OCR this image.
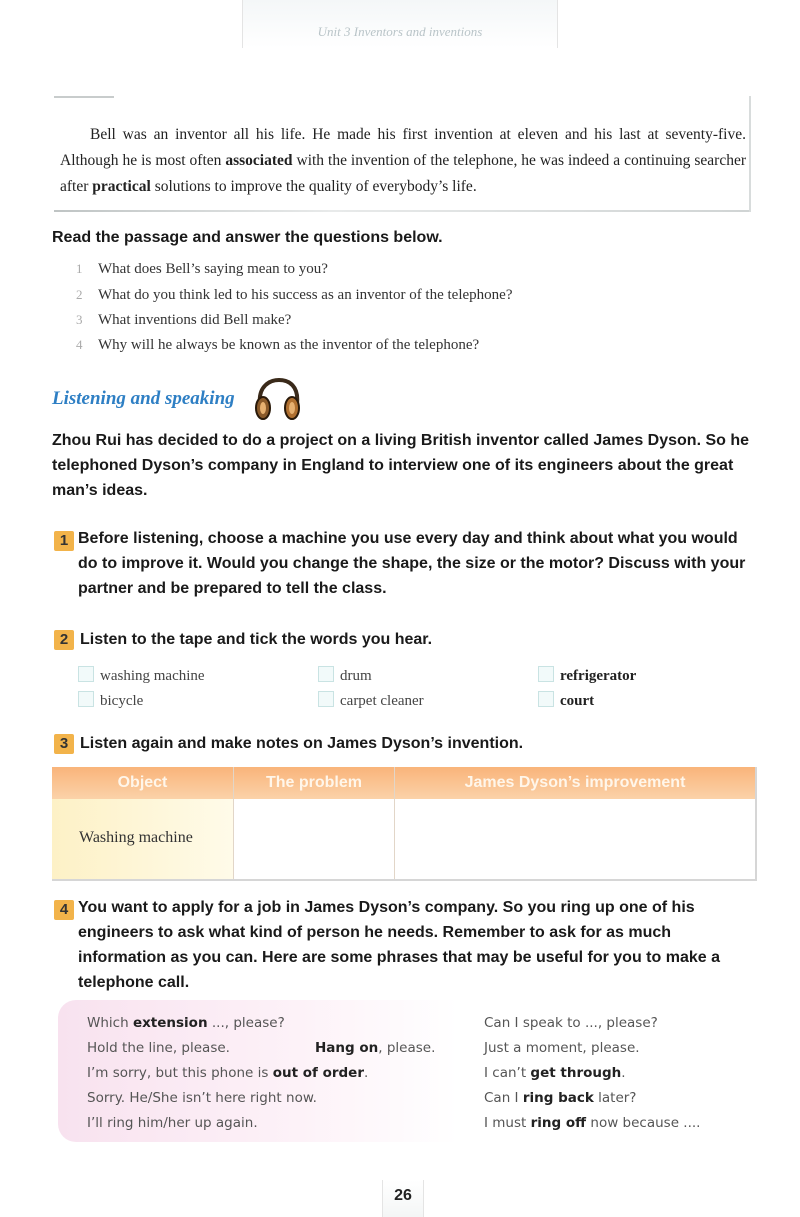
Unit 3 Inventors and inventions
Bell was an inventor all his life. He made his first invention at eleven and his last at seventy-five. Although he is most often associated with the invention of the telephone, he was indeed a continuing searcher after practical solutions to improve the quality of everybody’s life.
Read the passage and answer the questions below.
1 What does Bell’s saying mean to you?
2 What do you think led to his success as an inventor of the telephone?
3 What inventions did Bell make?
4 Why will he always be known as the inventor of the telephone?
Listening and speaking
Zhou Rui has decided to do a project on a living British inventor called James Dyson. So he telephoned Dyson’s company in England to interview one of its engineers about the great man’s ideas.
1 Before listening, choose a machine you use every day and think about what you would do to improve it. Would you change the shape, the size or the motor? Discuss with your partner and be prepared to tell the class.
2 Listen to the tape and tick the words you hear.
washing machine	drum	refrigerator
bicycle	carpet cleaner	court
3 Listen again and make notes on James Dyson’s invention.
Object	The problem	James Dyson’s improvement
Washing machine
4 You want to apply for a job in James Dyson’s company. So you ring up one of his engineers to ask what kind of person he needs. Remember to ask for as much information as you can. Here are some phrases that may be useful for you to make a telephone call.
Which extension ..., please?
Hold the line, please.	Hang on, please.
I’m sorry, but this phone is out of order.
Sorry. He/She isn’t here right now.
I’ll ring him/her up again.
Can I speak to ..., please?
Just a moment, please.
I can’t get through.
Can I ring back later?
I must ring off now because ....
26
